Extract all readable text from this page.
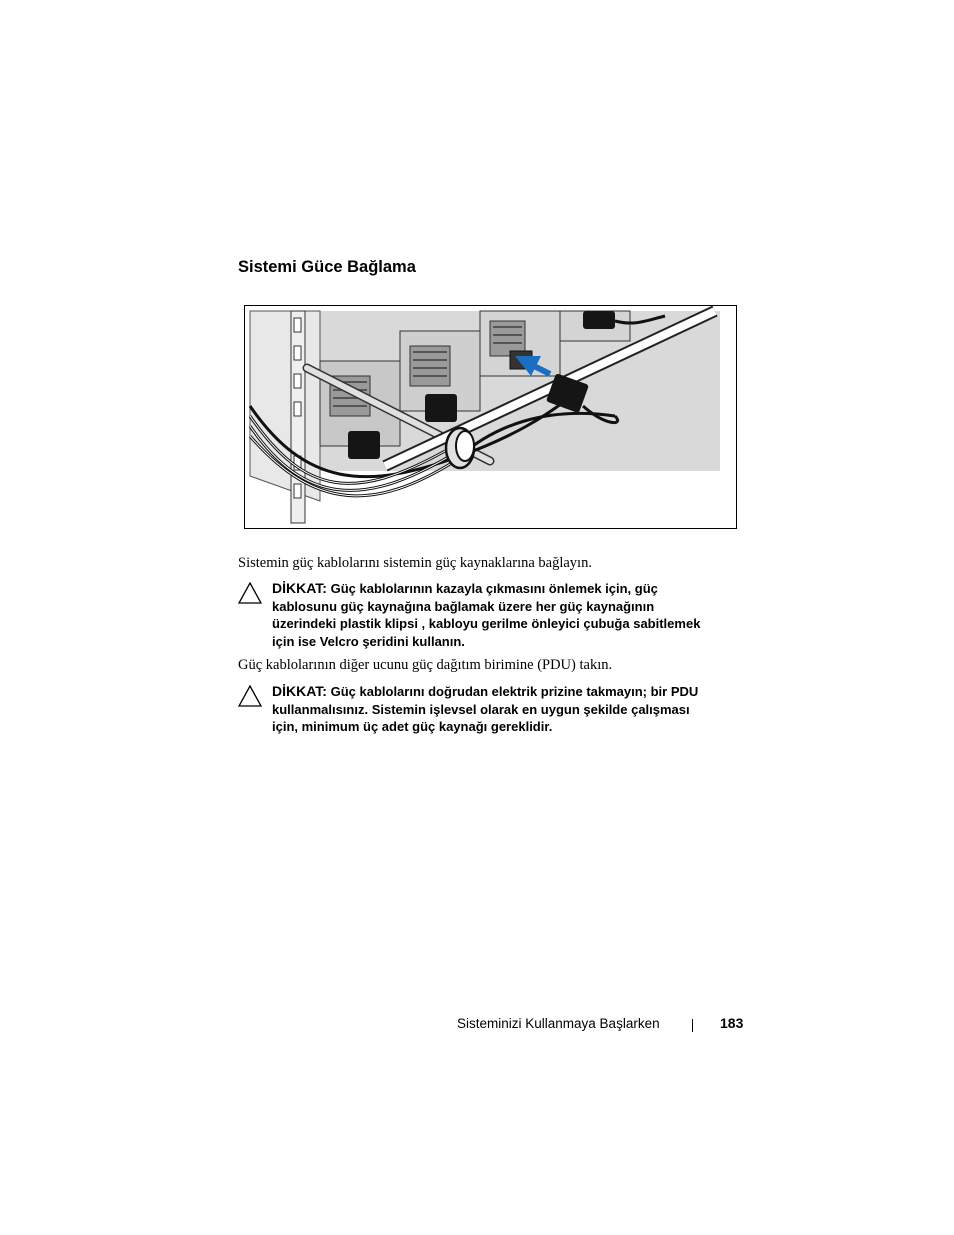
Sistemi Güce Bağlama
Sistemin güç kablolarını sistemin güç kaynaklarına bağlayın.
DİKKAT: Güç kablolarının kazayla çıkmasını önlemek için, güç
kablosunu güç kaynağına bağlamak üzere her güç kaynağının
üzerindeki plastik klipsi , kabloyu gerilme önleyici çubuğa sabitlemek
için ise Velcro şeridini kullanın.
Güç kablolarının diğer ucunu güç dağıtım birimine (PDU) takın.
DİKKAT: Güç kablolarını doğrudan elektrik prizine takmayın; bir PDU
kullanmalısınız. Sistemin işlevsel olarak en uygun şekilde çalışması
için, minimum üç adet güç kaynağı gereklidir.
Sisteminizi Kullanmaya Başlarken	183
